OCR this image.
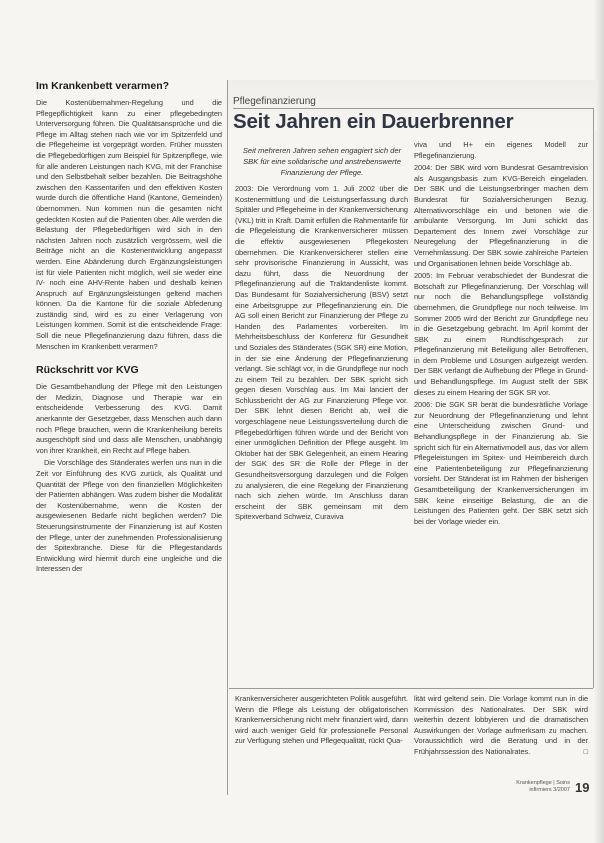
Im Krankenbett verarmen?

Die Kostenübernahmen-Regelung und die Pflegepflichtigkeit kann zu einer pflegebedingten Unterversorgung führen. Die Qualitätsansprüche und die Pflege im Alltag stehen nach wie vor im Spitzenfeld und die Pflegeheime ist vorgeprägt worden. Früher mussten die Pflegebedürftigen zum Beispiel für Spitzenpflege, wie für alle anderen Leistungen nach KVG, mit der Franchise und den Selbstbehalt selber bezahlen. Die Beitragshöhe zwischen den Kassentarifen und den effektiven Kosten wurde durch die öffentliche Hand (Kantone, Gemeinden) übernommen. Nun kommen nun die gesamten nicht gedeckten Kosten auf die Patienten über. Alle werden die Belastung der Pflegebedürftigen wird sich in den nächsten Jahren noch zusätzlich vergrössern, weil die Beiträge nicht an die Kostenentwicklung angepasst werden. Eine Abänderung durch Ergänzungsleistungen ist für viele Patienten nicht möglich, weil sie weder eine IV- noch eine AHV-Rente haben und deshalb keinen Anspruch auf Ergänzungsleistungen geltend machen können. Da die Kantone für die soziale Abfederung zuständig sind, wird es zu einer Verlagerung von Leistungen kommen. Somit ist die entscheidende Frage: Soll die neue Pflegefinanzierung dazu führen, dass die Menschen im Krankenbett verarmen?

Rückschritt vor KVG

Die Gesamtbehandlung der Pflege mit den Leistungen der Medizin, Diagnose und Therapie war ein entscheidende Verbesserung des KVG. Damit anerkannte der Gesetzgeber, dass Menschen auch dann noch Pflege brauchen, wenn die Krankenheilung bereits ausgeschöpft sind und dass alle Menschen, unabhängig von ihrer Krankheit, ein Recht auf Pflege haben.

Die Vorschläge des Ständerates werfen uns nun in die Zeit vor Einführung des KVG zurück, als Qualität und Quantität der Pflege von den finanziellen Möglichkeiten der Patienten abhängen. Was zudem bisher die Modalität der Kostenübernahme, wenn die Kosten der ausgewiesenen Bedarfe nicht beglichen werden? Die Steuerungsinstrumente der Finanzierung ist auf Kosten der Pflege, unter der zunehmenden Professionalisierung der Spitexbranche. Diese für die Pflegestandards Entwicklung wird hiermit durch eine ungleiche und die Interessen der

Pflegefinanzierung
Seit Jahren ein Dauerbrenner
Seit mehreren Jahren sehen engagiert sich der SBK für eine solidarische und anstrebenswerte Finanzierung der Pflege.

2003: Die Verordnung vom 1. Juli 2002 über die Kostenermittlung und die Leistungserfassung durch Spitäler und Pflegeheime in der Krankenversicherung (VKL) tritt in Kraft. Damit erfüllen die Rahmentarife für die Pflegeleistung die Krankenversicherer müssen die effektiv ausgewiesenen Pflegekosten übernehmen. Die Krankenversicherer stellen eine sehr provisorische Finanzierung in Aussicht, was dazu führt, dass die Neuordnung der Pflegefinanzierung auf die Traktandenliste kommt. Das Bundesamt für Sozialversicherung (BSV) setzt eine Arbeitsgruppe zur Pflegefinanzierung ein. Die AG soll einen Bericht zur Finanzierung der Pflege zu Handen des Parlamentes vorbereiten. Im Mehrheitsbeschluss der Konferenz für Gesundheit und Soziales des Ständerates (SGK SR) eine Motion, in der sie eine Änderung der Pflegefinanzierung verlangt. Sie schlägt vor, in die Grundpflege nur noch zu einem Teil zu bezahlen. Der SBK spricht sich gegen diesen Vorschlag aus. Im Mai lanciert der Schlussbericht der AG zur Finanzierung Pflege vor. Der SBK lehnt diesen Bericht ab, weil die vorgeschlagene neue Leistungssverteilung durch die Pflegebedürftigen führen würde und der Bericht von einer unmöglichen Definition der Pflege ausgeht. Im Oktober hat der SBK Gelegenheit, an einem Hearing der SGK des SR die Rolle der Pflege in der Gesundheitsversorgung darzulegen und die Folgen zu analysieren, die eine Regelung der Finanzierung nach sich ziehen würde. Im Anschluss daran erscheint der SBK gemeinsam mit dem Spitexverband Schweiz, Curaviva

viva und H+ ein eigenes Modell zur Pflegefinanzierung.

2004: Der SBK wird vom Bundesrat Gesamtrevision als Ausgangsbasis zum KVG-Bereich eingeladen. Der SBK und die Leistungserbringer machen dem Bundesrat für Sozialversicherungen Bezug. Alternativvorschläge ein und betonen wie die ambulante Versorgung. Im Juni schickt das Departement des Innern zwei Vorschläge zur Neuregelung der Pflegefinanzierung in die Vernehmlassung. Der SBK sowie zahlreiche Parteien und Organisationen lehnen beide Vorschläge ab.

2005: Im Februar verabschiedet der Bundesrat die Botschaft zur Pflegefinanzierung. Der Vorschlag will nur noch die Behandlungspflege vollständig übernehmen, die Grundpflege nur noch teilweise. Im Sommer 2005 wird der Bericht zur Grundpflege neu in die Gesetzgebung gebracht. Im April kommt der SBK zu einem Rundtischgespräch zur Pflegefinanzierung mit Beteiligung aller Betroffenen, in dem Probleme und Lösungen aufgezeigt werden. Der SBK verlangt die Aufhebung der Pflege in Grund- und Behandlungspflege. Im August stellt der SBK dieses zu einem Hearing der SGK SR vor.

2006: Die SGK SR berät die bundesrätliche Vorlage zur Neuordnung der Pflegefinanzierung und lehnt eine Unterscheidung zwischen Grund- und Behandlungspflege in der Finanzierung ab. Sie spricht sich für ein Alternativmodell aus, das vor allem Pflegeleistungen im Spitex- und Heimbereich durch eine Patientenbeteiligung zur Pflegefinanzierung vorsieht. Der Ständerat ist im Rahmen der bisherigen Gesamtbeteiligung der Krankenversicherungen im SBK keine einseitige Belastung, die an die Leistungen des Patienten geht. Der SBK setzt sich bei der Vorlage wieder ein.

Krankenversicherer ausgerichteten Politik ausgeführt. Wenn die Pflege als Leistung der obligatorischen Krankenversicherung nicht mehr finanziert wird, dann wird auch weniger Geld für professionelle Personal zur Verfügung stehen und Pflegequalität, rückt Qua-

lität wird geltend sein. Die Vorlage kommt nun in die Kommission des Nationalrates. Der SBK wird weiterhin dezent lobbyieren und die dramatischen Auswirkungen der Vorlage aufmerksam zu machen. Voraussichtlich wird die Beratung und in der Frühjahrssession des Nationalrates.	□

Krankenpflege | Soins
infirmiers 3/2007 19
